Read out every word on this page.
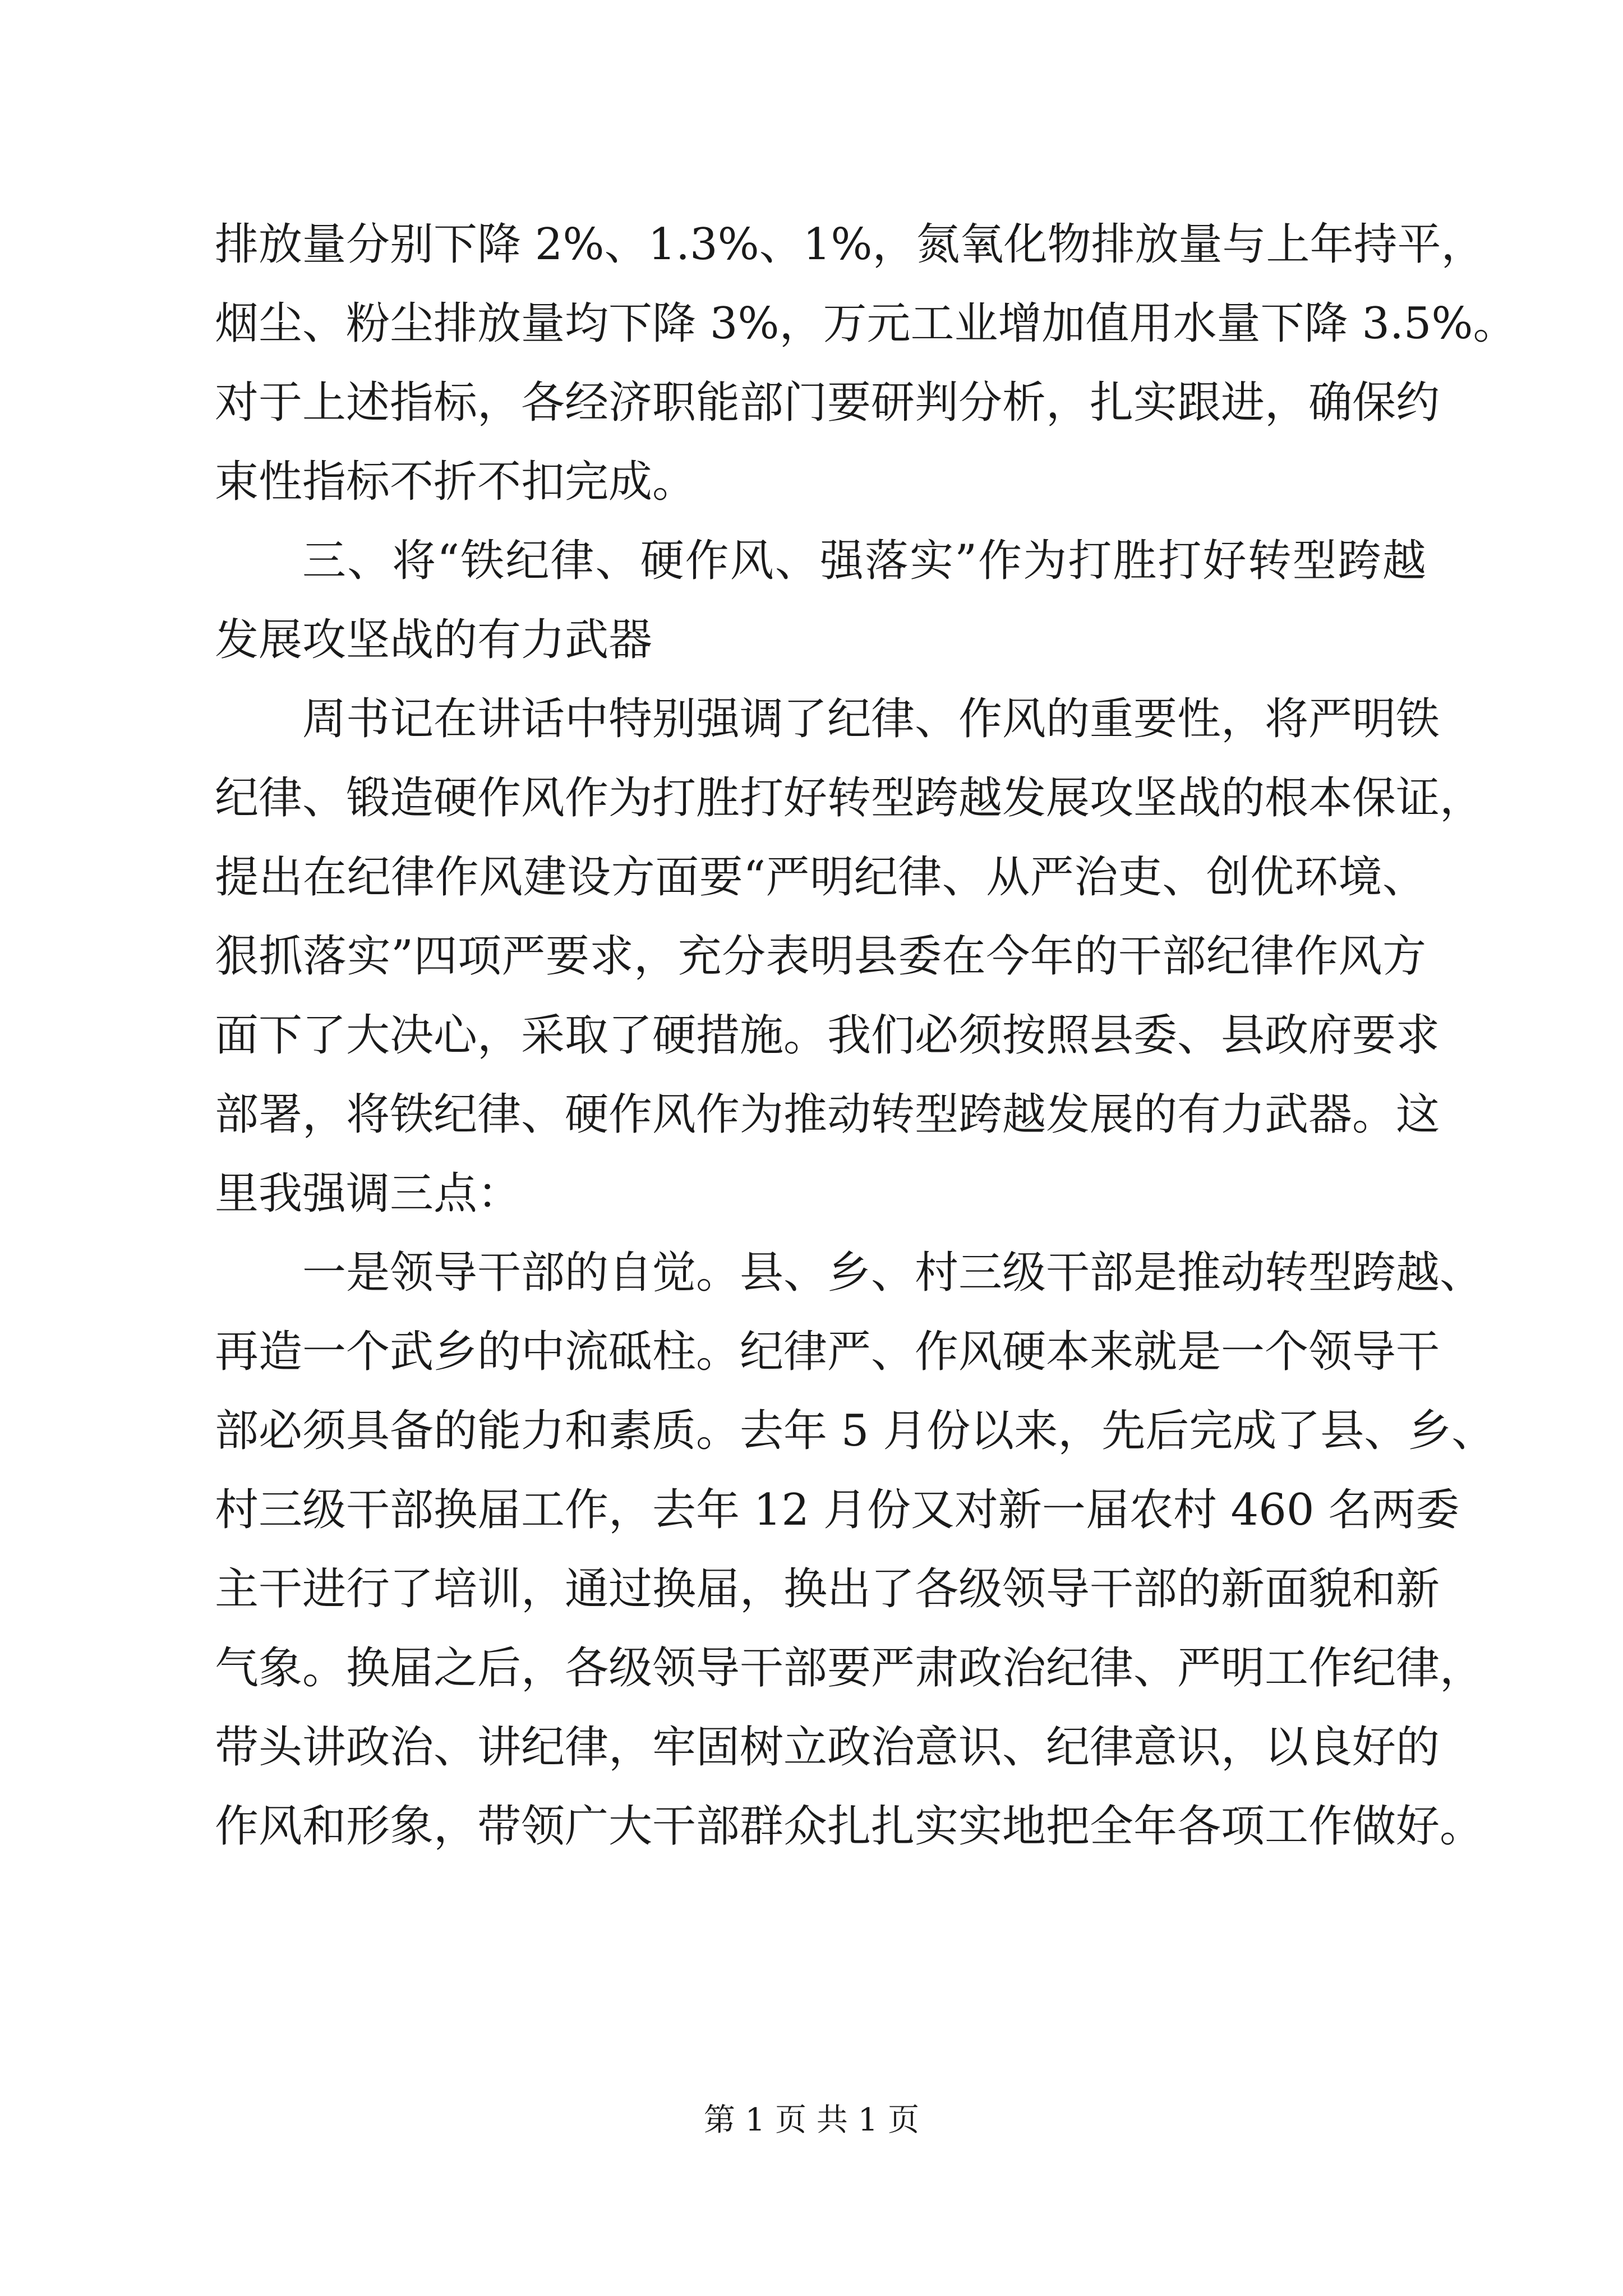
排放量分别下降 2%、1.3%、1%，氮氧化物排放量与上年持平，
烟尘、粉尘排放量均下降 3%，万元工业增加值用水量下降 3.5%。
对于上述指标，各经济职能部门要研判分析，扎实跟进，确保约
束性指标不折不扣完成。
三、将“铁纪律、硬作风、强落实”作为打胜打好转型跨越
发展攻坚战的有力武器
周书记在讲话中特别强调了纪律、作风的重要性，将严明铁
纪律、锻造硬作风作为打胜打好转型跨越发展攻坚战的根本保证，
提出在纪律作风建设方面要“严明纪律、从严治吏、创优环境、
狠抓落实”四项严要求，充分表明县委在今年的干部纪律作风方
面下了大决心，采取了硬措施。我们必须按照县委、县政府要求
部署，将铁纪律、硬作风作为推动转型跨越发展的有力武器。这
里我强调三点：
一是领导干部的自觉。县、乡、村三级干部是推动转型跨越、
再造一个武乡的中流砥柱。纪律严、作风硬本来就是一个领导干
部必须具备的能力和素质。去年 5 月份以来，先后完成了县、乡、
村三级干部换届工作，去年 12 月份又对新一届农村 460 名两委
主干进行了培训，通过换届，换出了各级领导干部的新面貌和新
气象。换届之后，各级领导干部要严肃政治纪律、严明工作纪律，
带头讲政治、讲纪律，牢固树立政治意识、纪律意识，以良好的
作风和形象，带领广大干部群众扎扎实实地把全年各项工作做好。
第 1 页 共 1 页
